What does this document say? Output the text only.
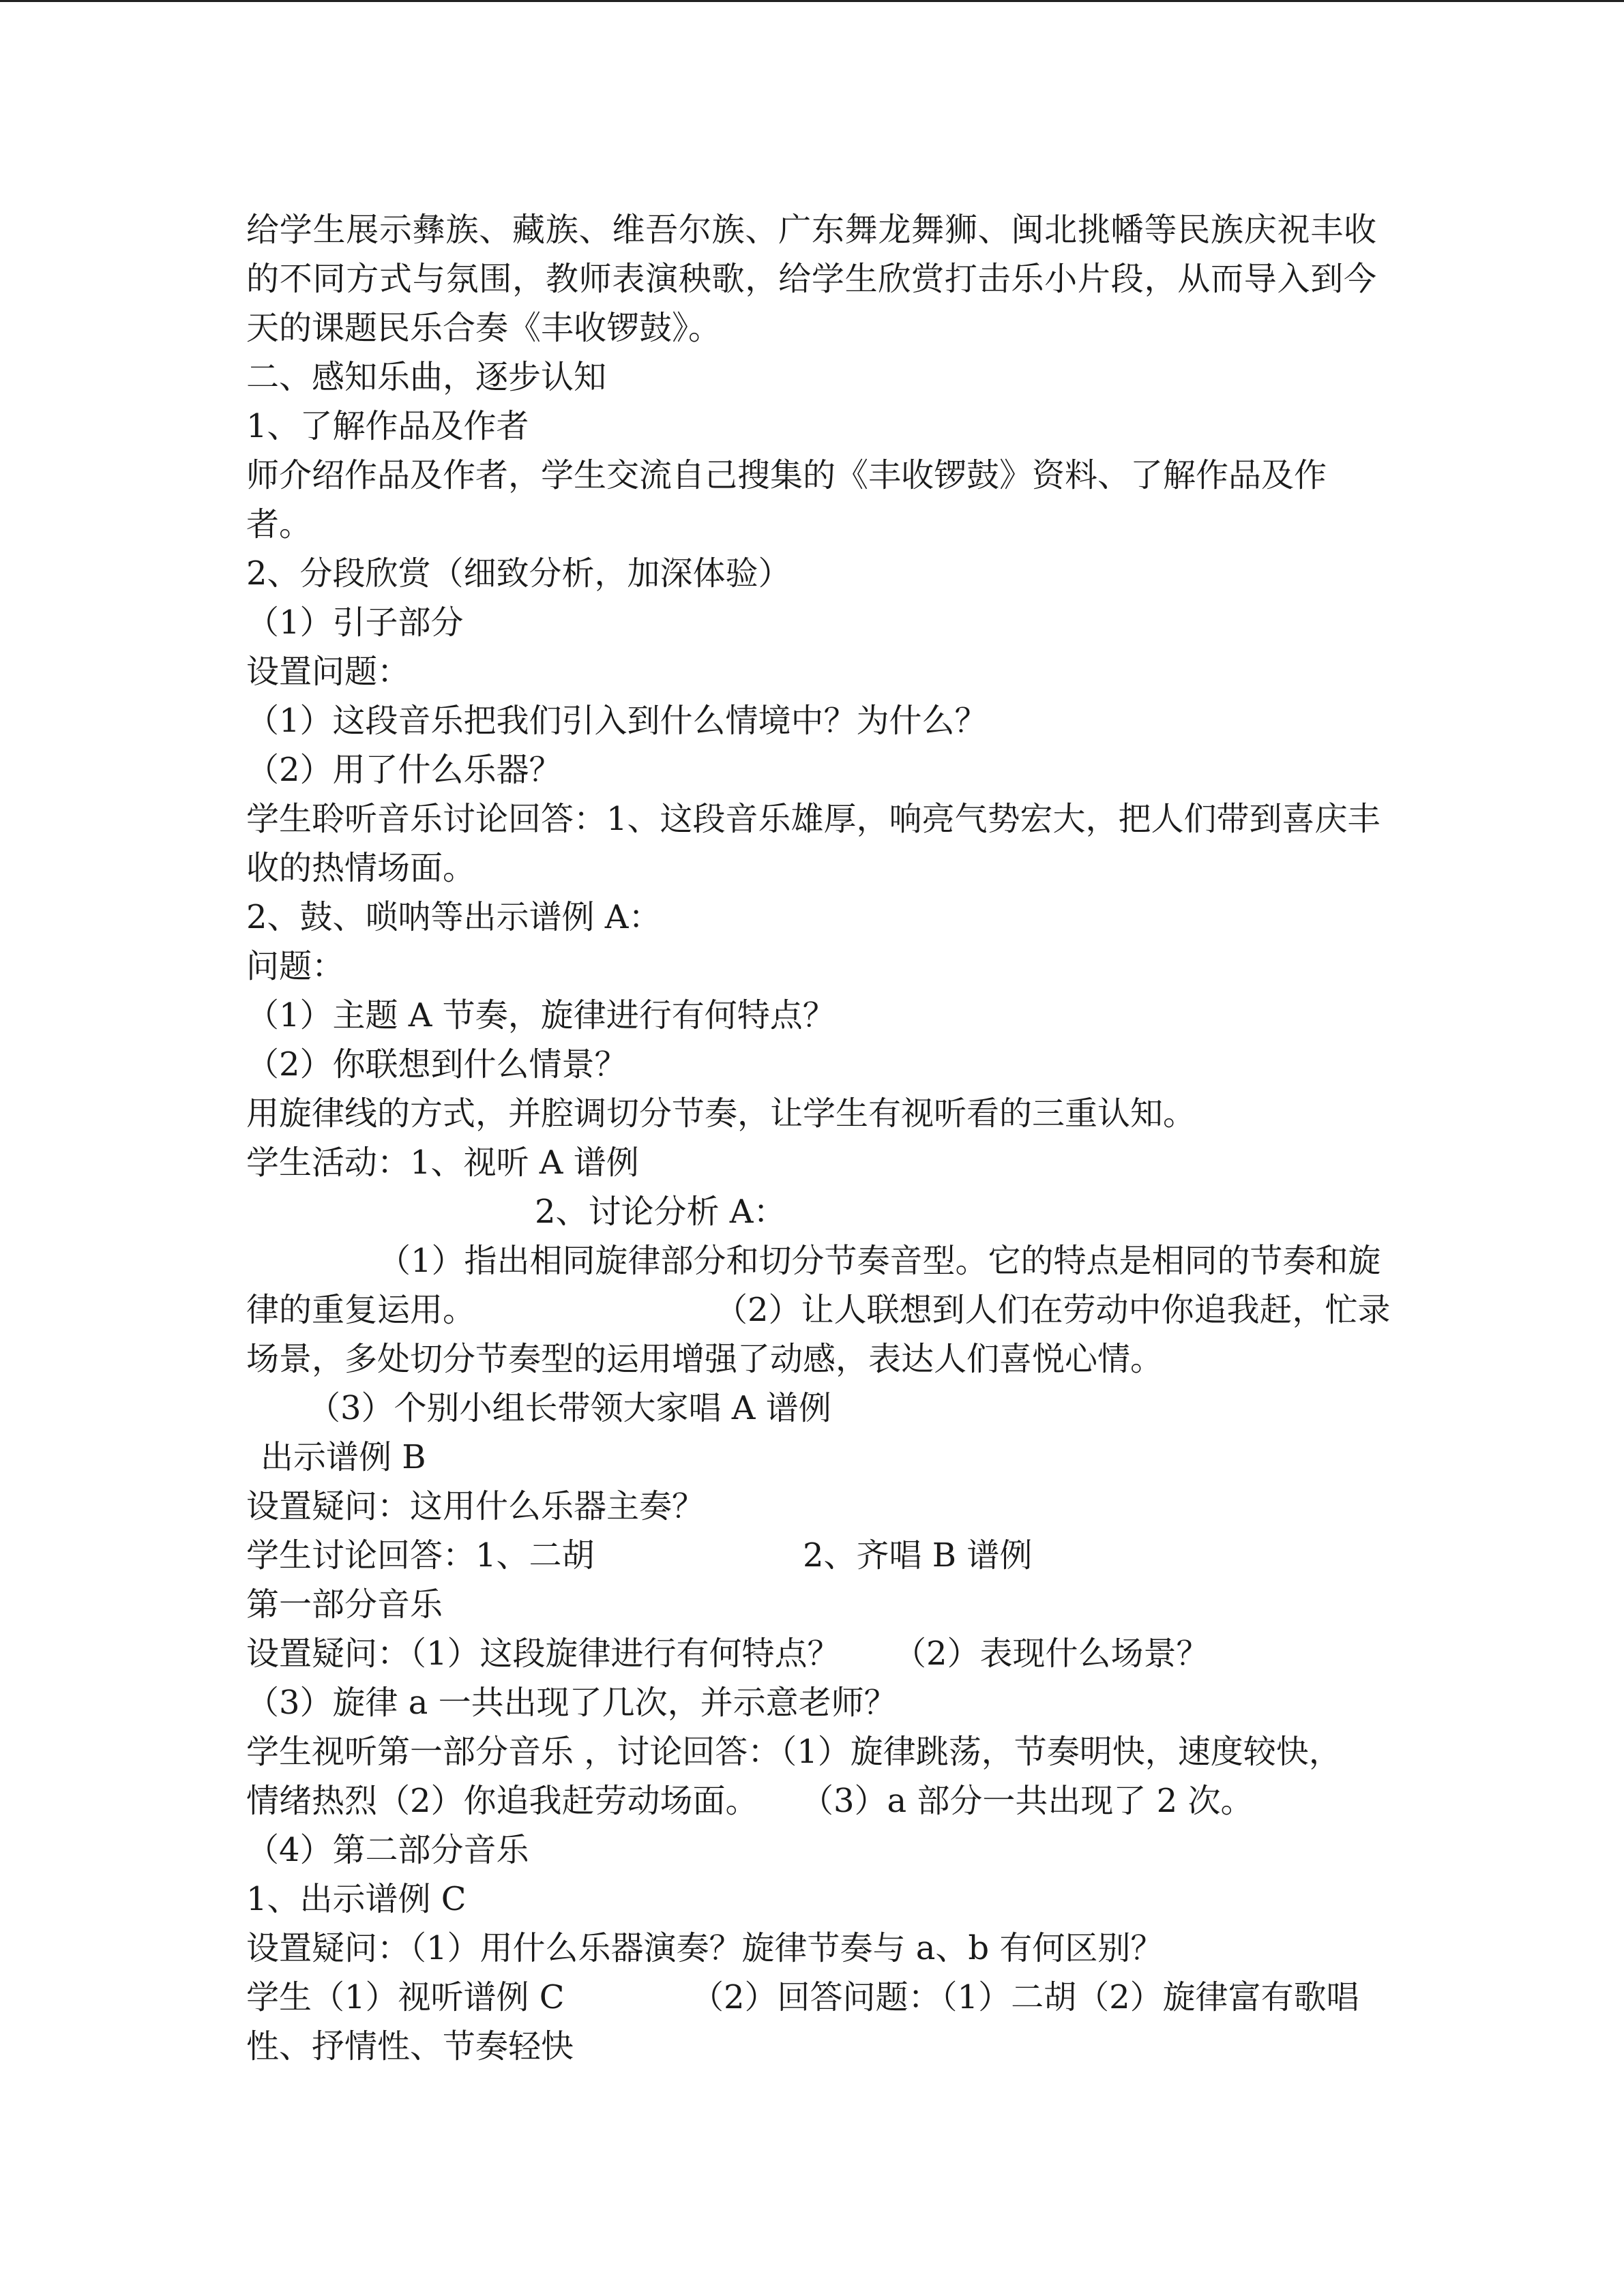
给学生展示彝族、藏族、维吾尔族、广东舞龙舞狮、闽北挑幡等民族庆祝丰收
的不同方式与氛围，教师表演秧歌，给学生欣赏打击乐小片段，从而导入到今
天的课题民乐合奏《丰收锣鼓》。
二、感知乐曲，逐步认知
1、了解作品及作者
师介绍作品及作者，学生交流自己搜集的《丰收锣鼓》资料、了解作品及作
者。
2、分段欣赏（细致分析，加深体验）
（1）引子部分
设置问题：
（1）这段音乐把我们引入到什么情境中？为什么？
（2）用了什么乐器？
学生聆听音乐讨论回答：1、这段音乐雄厚，响亮气势宏大，把人们带到喜庆丰
收的热情场面。
2、鼓、唢呐等出示谱例 A：
问题：
（1）主题 A 节奏，旋律进行有何特点？
（2）你联想到什么情景？
用旋律线的方式，并腔调切分节奏，让学生有视听看的三重认知。
学生活动：1、视听 A 谱例
2、讨论分析 A：
（1）指出相同旋律部分和切分节奏音型。它的特点是相同的节奏和旋
律的重复运用。	（2）让人联想到人们在劳动中你追我赶，忙录
场景，多处切分节奏型的运用增强了动感，表达人们喜悦心情。
（3）个别小组长带领大家唱 A 谱例
出示谱例 B
设置疑问：这用什么乐器主奏？
学生讨论回答：1、二胡	2、齐唱 B 谱例
第一部分音乐
设置疑问：（1）这段旋律进行有何特点？ （2）表现什么场景？
（3）旋律 a 一共出现了几次，并示意老师？
学生视听第一部分音乐 ，讨论回答：（1）旋律跳荡，节奏明快，速度较快，
情绪热烈（2）你追我赶劳动场面。 （3）a 部分一共出现了 2 次。
（4）第二部分音乐
1、出示谱例 C
设置疑问：（1）用什么乐器演奏？旋律节奏与 a、b 有何区别？
学生（1）视听谱例 C	（2）回答问题：（1）二胡（2）旋律富有歌唱
性、抒情性、节奏轻快
